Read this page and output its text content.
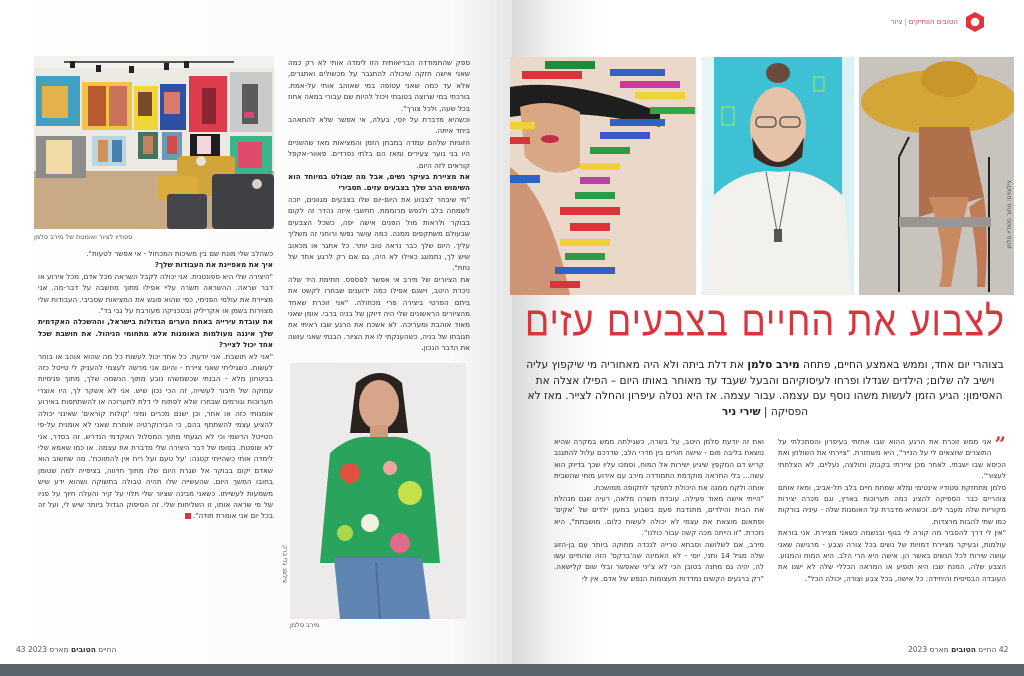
סטודיו לציור ואומנות של מירב סלמן

כשהלב שלי מונח שם בין משיכות המכחול - אי אפשר לטעות".

איך את מאפיינת את העבודות שלך?

"היצירה שלי היא ספונטנית. אני יכולה לקבל השראה מכל אדם, מכל אירוע או דבר שראה. ההשראה תשרה עליי אפילו מתוך מחשבה על דבר-מה. אני מציירת את עולמי הפנימי, כפי שהוא פוגש את המציאות שסביבי. העבודות שלי מצוירות בשמן או אקריליק ובטכניקה מעורבת על גבי בד".

את עובדת עירייה באחת הערים הגדולות בישראל, וההשכלה האקדמית שלך איננה מעולמות האומנות אלא מתחומי הניהול. את חושבת שכל אחד יכול לצייר?

"אני לא חושבת. אני יודעת. כל אחד יכול לעשות כל מה שהוא אוהב או בוחר לעשות. כשגיליתי שאני ציירת - והיום אני מרשה לעצמי להעניק לי טייטל כזה בביטחון מלא - הבנתי שכשמשהו נובע מתוך הנשמה שלך, מתוך פנימיות עמוקה של חיבור לעשייה, זה הכי נכון שיש. אני לא אשקר לך, היו אוצרי תערוכות וגורמים שבחרו שלא לפתוח לי דלת לתערוכה או להשתתפות באירוע אומנותי כזה או אחר, וכן ישנם מכרים ומיני 'קולות קוראים' שאינני יכולה להציע עצמי להשתתף בהם, כי הבירוקרטיה אומרת שאני לא אומנית על-פי הטייטל הרשמי וכי לא הגעתי מתוך המסלול האקדמי הנדרש. זה בסדר, אני לא שופטת. בסופו של דבר היצירה שלי מדברת את עצמה. או כמו שאמא שלי לימדה אותי כשהייתי קטנה: 'על טעם ועל ריח אין להתווכח'. מה שחשוב הוא שאדם יקום בבוקר אל שגרת היום שלו מתוך חדווה, בציפייה למה שטומן בחובו המשך היום. שהעשייה שלו תהיה טבולה בתשוקה ושהוא ידע שיש משמעות לעשייתו. כשאני מבינה שציור שלי תלוי על קיר והעלה חיוך על פניו של מי שראה אותו, זו השליחות שלי. זה הסיפוק הגדול ביותר שיש לי, ועל זה בכל יום אני אומרת תודה".

ספק שהתמודדה הבריאותית הזו לימדה אותי לא רק כמה שאני אישה חזקה שיכולה להתגבר על מכשולים ואתגרים, אלא עד כמה שאני עטופה במי שאוהב אותי על-אמת. בורכתי במי שרוצה בטובתי ויכול להיות שם עבורי במאה אחוז בכל שעה, ולכל צורך".

וכשהיא מדברת על יוסי, בעלה, אי אפשר שלא להתאהב ביחד איתה.

הזוגיות שלהם עמדה במבחן הזמן והמציאות מאז שהשניים היו בני נוער צעירים ומאז הם בלתי נפרדים. פאוור-אקפל קוראים לזה היום.

את מציירת בעיקר נשים, אבל מה שבולט במיוחד הוא השימוש הרב שלך בצבעים עזים. תסבירי

"מי שיבחר לצבוע את היום-יום שלו בצבעים מגוונים, יזכה לשמחה בלב ולנפש מרוממת. תחשבי איזה נהדר זה לקום בבוקר ולראות מול הפנים אישה יפה, כשכל הצבעים שבעולם משתקפים ממנה. כמה עושר נפשי ורוחני זה משליך עליך. היום שלך כבר נראה טוב יותר. כל אתגר או מכאוב שיש לך, נתמוגג כאילו לא היה, גם אם רק לרגע אחד של נחת".

את הציורים של מירב אי אפשר לפספס. חתימת היד שלה ניכרת היטב, וישנם אפילו כמה ידוענים שבחרו לקשט את ביתם הפרטי ביצירה פרי מכחולה. "אני זוכרת שאחד מהציורים הראשונים שלי היה דיוקן של בניה ברבי. אומן שאני מאוד אוהבת ומעריכה. לא אשכח את הרגע שבו ראיתי את תגובתו של בניה, כשהענקתי לו את הציור. הבנתי שאני עושה את הדבר הנכון.

צילום: גלי ברק
מירב סלמן
החיים הטובים מארס 2023 43
הטובים הוותיקים|ציור
צילומים: מתוך סטודיו סלמן
לצבוע את החיים בצבעים עזים
בצוהרי יום אחד, וממש באמצע החיים, פתחה מירב סלמן את דלת ביתה ולא היה מאחוריה מי שיקפוץ עליה וישיב לה שלום; הילדים שגדלו ופרחו לעיסוקיהם והבעל שעבד עד מאוחר באותו היום – הפילו אצלה את האסימון: הגיע הזמן לעשות משהו נוסף עם עצמה. עבור עצמה. אז היא נטלה עיפרון והחלה לצייר. מאז לא הפסיקה | שירי ניר

”
אני ממש זוכרת את הרגע ההוא שבו אחזתי בעיפרון והסתכלתי על התוצרים שיוצאים לי על הנייר", היא משחזרת. "ציירתי את השולחן ואת הכיסא שבו ישבתי. לאחר מכן ציירתי בקבוק וחולצה, נעליים. לא הצלחתי לעצור".

סלמן מתחזקת סטודיו אינטימי ומלא שמחת חיים בלב תל-אביב, ומאז אותם צוהריים כבר הספיקה להציג כמה תערוכות בארץ, וגם מכרה יצירות מקוריות שלה מעבר לים. וכשהיא מדברת על האומנות שלה - עיניה בורקות כמו שתי להבות מרצדות.

"אין לי דרך להסביר מה קורה לי בגוף ובנשמה כשאני מציירת. אני בוראת עולמות, ובעיקר מציירת דמויות של נשים בכל צורה וצבע - מרגישה שאני עושה שירות לכל הנשים באשר הן. אישה היא הרי הלב. היא המוח והמנוע. הצבע שלה, המנח שבו היא תופיע או המראה הכללי שלה לא ישנו את העובדה הבסיסית והיחידה: כל אישה, בכל צבע וצורה, יכולה הכל".

ואת זה יודעת סלמן היטב, על בשרה, כשגילתה ממש במקרה שהיא נושאת בליבה מום - שישה חורים בין חדרי הלב, שדרכם עלול להתגנב קריש דם המקפץ שיגיע ישירות אל המוח, וסמכו עליו שכך בדיוק הוא עשה... בלי התראה מוקדמת התמודדה מירב עם אירוע מוחי שהשבית אותה ולקח ממנה את היכולת לתפקד לתקופה ממושכת.

"הייתי אישה מאוד פעילה. עובדת משרה מלאה, רעיה שגם מנהלת את הבית והילדים, מתנדבת פעם בשבוע במעון ילדים של 'אקים' ופתאום מוצאת את עצמי לא יכולה לעשות כלום. מושבתת", היא נזכרת. "זו הייתה מכה קשה עבור כולנו".

מירב, אם לשלושה וסבתא טרייה לנכדה מתוקה ביותר עם בן-הזוג שלה מגיל 14 ותני, יוסי - לא האמינה שה'ברקס' הזה שהחיים עשו לה, יהיה גם מתנה בטובן הכי לא צ'יני שאפשר ובלי שום קלישאה. "רק ברגעים הקשים נמדדות תעצומות הנפש של אדם. אין לי

42 החיים הטובים מארס 2023
